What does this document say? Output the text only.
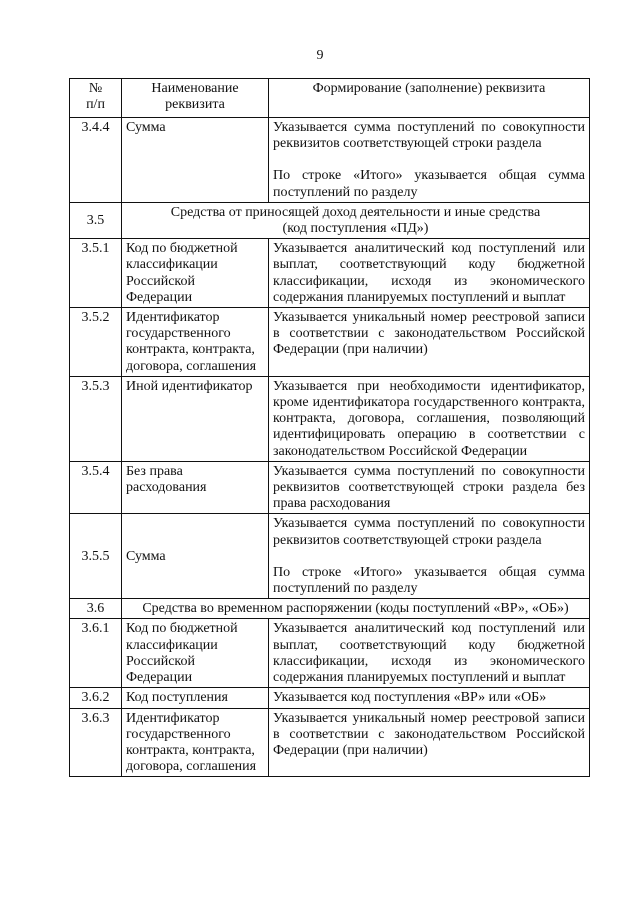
9
№
п/п	Наименование реквизита	Формирование (заполнение) реквизита
3.4.4	Сумма	Указывается сумма поступлений по совокупности реквизитов соответствующей строки раздела
По строке «Итого» указывается общая сумма поступлений по разделу

3.5	Средства от приносящей доход деятельности и иные средства
(код поступления «ПД»)	

3.5.1	Код по бюджетной классификации Российской Федерации	Указывается аналитический код поступлений или выплат, соответствующий коду бюджетной классификации, исходя из экономического содержания планируемых поступлений и выплат
3.5.2	Идентификатор государственного контракта, контракта, договора, соглашения	Указывается уникальный номер реестровой записи в соответствии с законодательством Российской Федерации (при наличии)
3.5.3	Иной идентификатор	Указывается при необходимости идентификатор, кроме идентификатора государственного контракта, контракта, договора, соглашения, позволяющий идентифицировать операцию в соответствии с законодательством Российской Федерации
3.5.4	Без права расходования	Указывается сумма поступлений по совокупности реквизитов соответствующей строки раздела без права расходования
3.5.5	Сумма	Указывается сумма поступлений по совокупности реквизитов соответствующей строки раздела
По строке «Итого» указывается общая сумма поступлений по разделу

3.6	Средства во временном распоряжении (коды поступлений «ВР», «ОБ»)	
3.6.1	Код по бюджетной классификации Российской Федерации	Указывается аналитический код поступлений или выплат, соответствующий коду бюджетной классификации, исходя из экономического содержания планируемых поступлений и выплат
3.6.2	Код поступления	Указывается код поступления «ВР» или «ОБ»
3.6.3	Идентификатор государственного контракта, контракта, договора, соглашения	Указывается уникальный номер реестровой записи в соответствии с законодательством Российской Федерации (при наличии)
